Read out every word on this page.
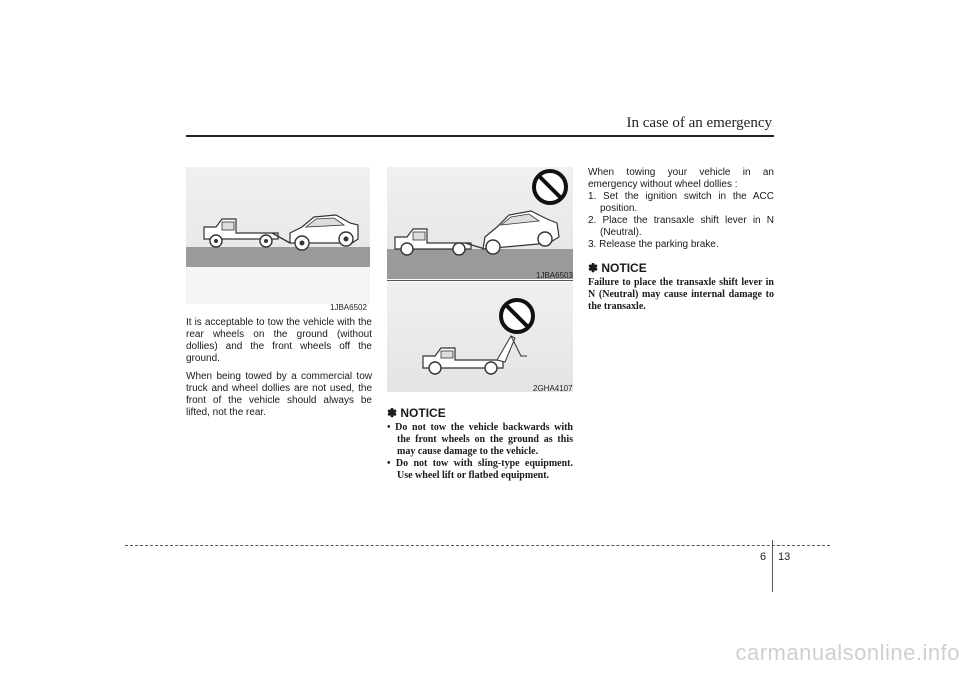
In case of an emergency
1JBA6502

It is acceptable to tow the vehicle with the rear wheels on the ground (without dollies) and the front wheels off the ground.

When being towed by a commercial tow truck and wheel dollies are not used, the front of the vehicle should always be lifted, not the rear.

1JBA6503
2GHA4107

✽ NOTICE

• Do not tow the vehicle backwards with the front wheels on the ground as this may cause damage to the vehicle.
• Do not tow with sling-type equipment. Use wheel lift or flatbed equipment.

When towing your vehicle in an emergency without wheel dollies :

1. Set the ignition switch in the ACC position.
2. Place the transaxle shift lever in N (Neutral).
3. Release the parking brake.

✽ NOTICE

Failure to place the transaxle shift lever in N (Neutral) may cause internal damage to the transaxle.

6 13
carmanualsonline.info
